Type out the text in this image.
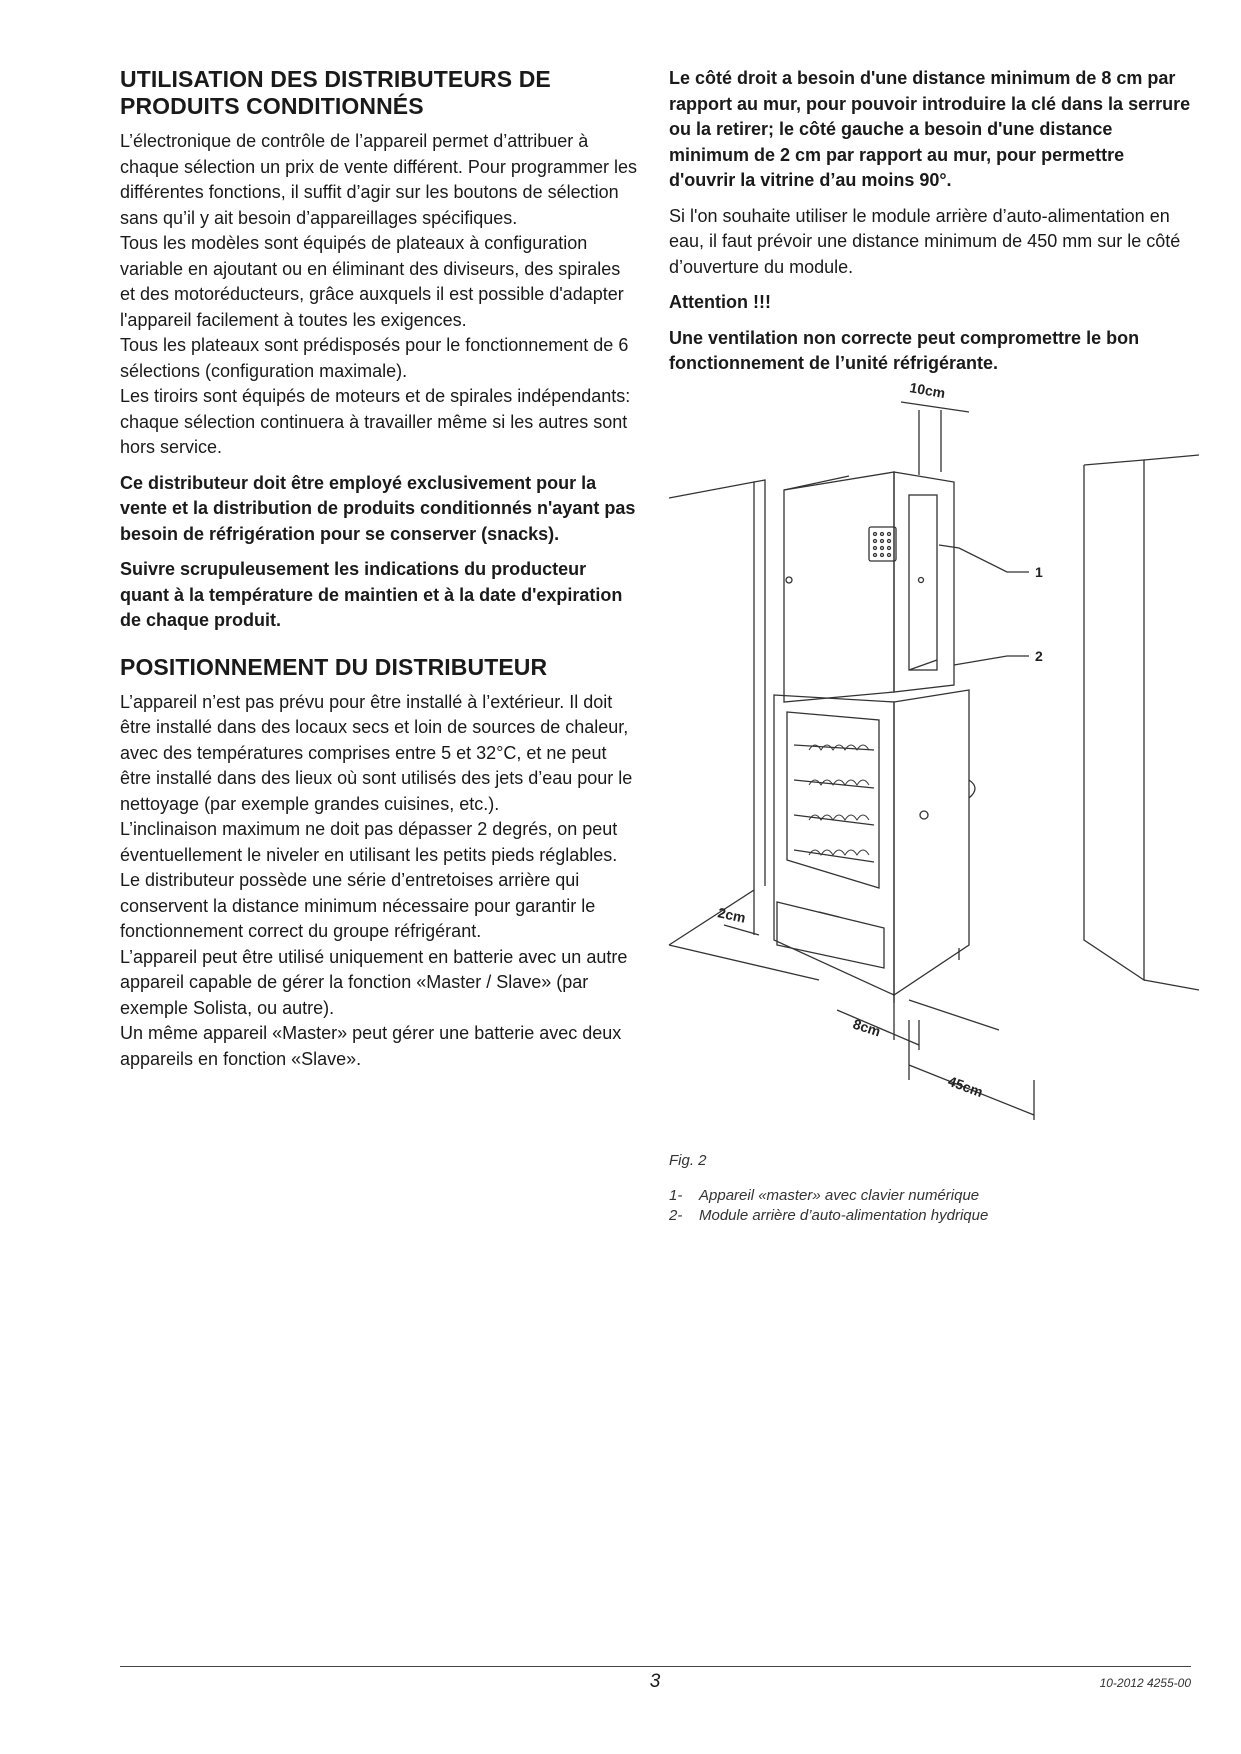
UTILISATION DES DISTRIBUTEURS DE PRODUITS CONDITIONNÉS

L’électronique de contrôle de l’appareil permet d’attribuer à chaque sélection un prix de vente différent. Pour programmer les différentes fonctions, il suffit d’agir sur les boutons de sélection sans qu’il y ait besoin d’appareillages spécifiques.

Tous les modèles sont équipés de plateaux à configuration variable en ajoutant ou en éliminant des diviseurs, des spirales et des motoréducteurs, grâce auxquels il est possible d'adapter l'appareil facilement à toutes les exigences.

Tous les plateaux sont prédisposés pour le fonctionnement de 6 sélections (configuration maximale).

Les tiroirs sont équipés de moteurs et de spirales indépendants: chaque sélection continuera à travailler même si les autres sont hors service.

Ce distributeur doit être employé exclusivement pour la vente et la distribution de produits conditionnés n'ayant pas besoin de réfrigération pour se conserver (snacks).

Suivre scrupuleusement les indications du producteur quant à la température de maintien et à la date d'expiration de chaque produit.

POSITIONNEMENT DU DISTRIBUTEUR

L’appareil n’est pas prévu pour être installé à l’extérieur. Il doit être installé dans des locaux secs et loin de sources de chaleur, avec des températures comprises entre 5 et 32°C, et ne peut être installé dans des lieux où sont utilisés des jets d’eau pour le nettoyage (par exemple grandes cuisines, etc.).

L’inclinaison maximum ne doit pas dépasser 2 degrés, on peut éventuellement le niveler en utilisant les petits pieds réglables.

Le distributeur possède une série d’entretoises arrière qui conservent la distance minimum nécessaire pour garantir le fonctionnement correct du groupe réfrigérant.

L’appareil peut être utilisé uniquement en batterie avec un autre appareil capable de gérer la fonction «Master / Slave» (par exemple Solista, ou autre).

Un même appareil «Master» peut gérer une batterie avec deux appareils en fonction «Slave».

Le côté droit a besoin d'une distance minimum de 8 cm par rapport au mur, pour pouvoir introduire la clé dans la serrure ou la retirer; le côté gauche a besoin d'une distance minimum de 2 cm par rapport au mur, pour permettre d'ouvrir la vitrine d’au moins 90°.

Si l'on souhaite utiliser le module arrière d’auto-alimentation en eau, il faut prévoir une distance minimum de 450 mm sur le côté d’ouverture du module.

Attention !!!

Une ventilation non correcte peut compromettre le bon fonctionnement de l’unité réfrigérante.

10cm
2cm
8cm
45cm
1
2
Fig. 2
1-	Appareil «master» avec clavier numérique
2-	Module arrière d’auto-alimentation hydrique
3	10-2012 4255-00
